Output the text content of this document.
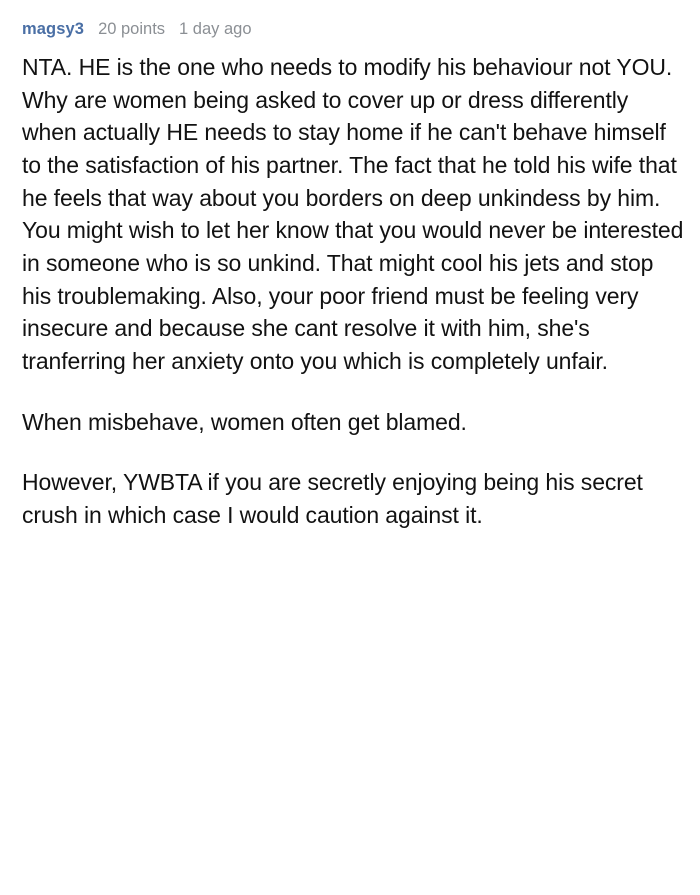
magsy3 20 points 1 day ago

NTA. HE is the one who needs to modify his behaviour not YOU. Why are women being asked to cover up or dress differently when actually HE needs to stay home if he can't behave himself to the satisfaction of his partner. The fact that he told his wife that he feels that way about you borders on deep unkindess by him. You might wish to let her know that you would never be interested in someone who is so unkind. That might cool his jets and stop his troublemaking. Also, your poor friend must be feeling very insecure and because she cant resolve it with him, she's tranferring her anxiety onto you which is completely unfair.

When misbehave, women often get blamed.

However, YWBTA if you are secretly enjoying being his secret crush in which case I would caution against it.
